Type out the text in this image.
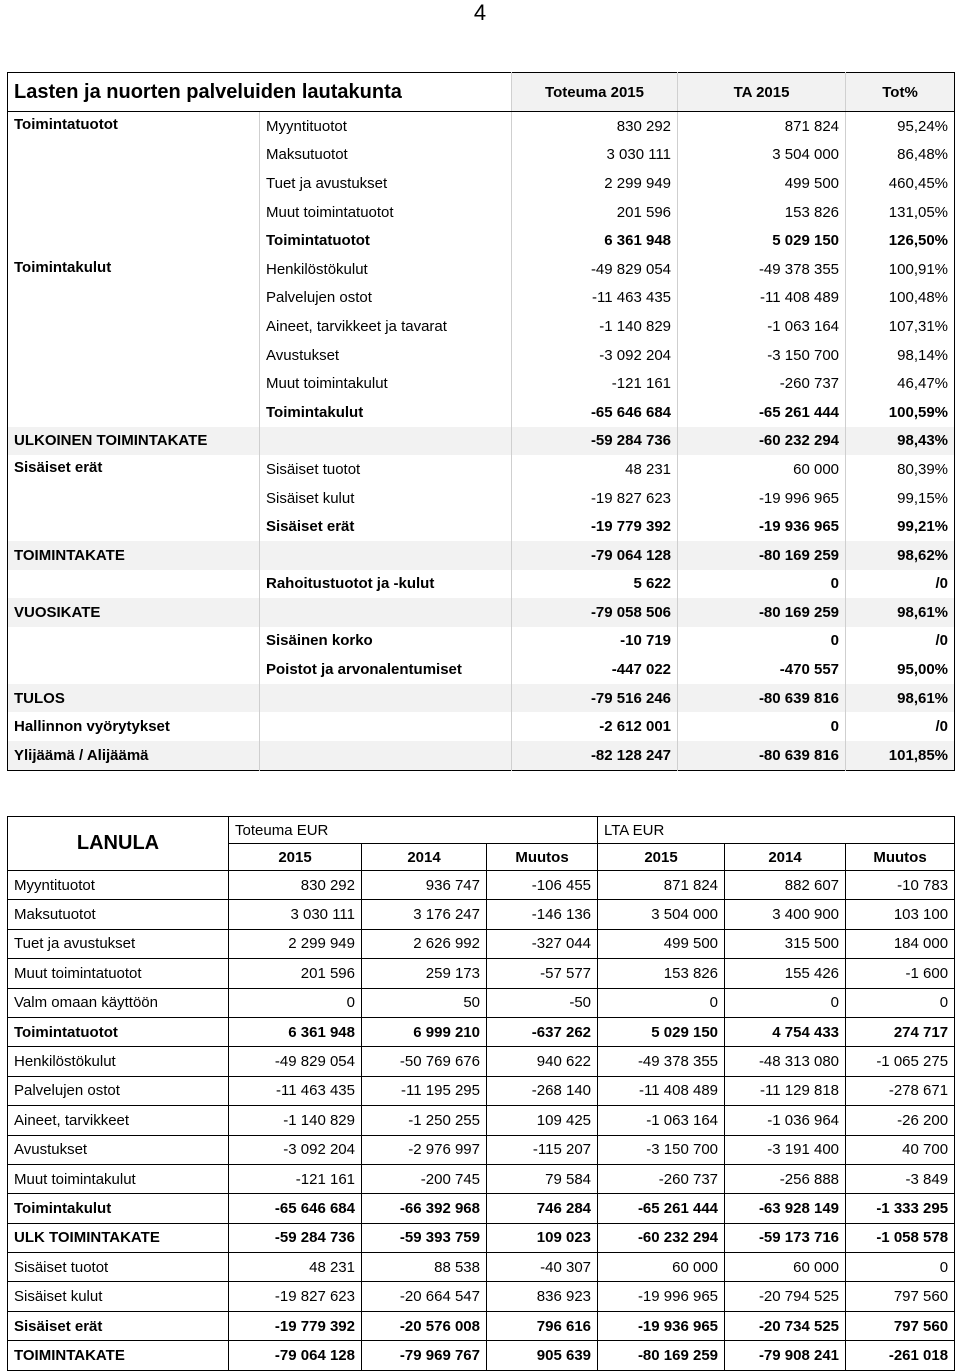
4
Lasten ja nuorten palveluiden lautakunta		Toteuma 2015	TA 2015	Tot%
Toimintatuotot	Myyntituotot	830 292	871 824	95,24%
	Maksutuotot	3 030 111	3 504 000	86,48%
	Tuet ja avustukset	2 299 949	499 500	460,45%
	Muut toimintatuotot	201 596	153 826	131,05%
	Toimintatuotot	6 361 948	5 029 150	126,50%
Toimintakulut	Henkilöstökulut	-49 829 054	-49 378 355	100,91%
	Palvelujen ostot	-11 463 435	-11 408 489	100,48%
	Aineet, tarvikkeet ja tavarat	-1 140 829	-1 063 164	107,31%
	Avustukset	-3 092 204	-3 150 700	98,14%
	Muut toimintakulut	-121 161	-260 737	46,47%
	Toimintakulut	-65 646 684	-65 261 444	100,59%
ULKOINEN TOIMINTAKATE		-59 284 736	-60 232 294	98,43%
Sisäiset erät	Sisäiset tuotot	48 231	60 000	80,39%
	Sisäiset kulut	-19 827 623	-19 996 965	99,15%
	Sisäiset erät	-19 779 392	-19 936 965	99,21%
TOIMINTAKATE		-79 064 128	-80 169 259	98,62%
	Rahoitustuotot ja -kulut	5 622	0	/0
VUOSIKATE		-79 058 506	-80 169 259	98,61%
	Sisäinen korko	-10 719	0	/0
	Poistot ja arvonalentumiset	-447 022	-470 557	95,00%
TULOS		-79 516 246	-80 639 816	98,61%
Hallinnon vyörytykset		-2 612 001	0	/0
Ylijäämä / Alijäämä		-82 128 247	-80 639 816	101,85%
LANULA	Toteuma EUR			LTA EUR		
	2015	2014	Muutos	2015	2014	Muutos
Myyntituotot	830 292	936 747	-106 455	871 824	882 607	-10 783
Maksutuotot	3 030 111	3 176 247	-146 136	3 504 000	3 400 900	103 100
Tuet ja avustukset	2 299 949	2 626 992	-327 044	499 500	315 500	184 000
Muut toimintatuotot	201 596	259 173	-57 577	153 826	155 426	-1 600
Valm omaan käyttöön	0	50	-50	0	0	0
Toimintatuotot	6 361 948	6 999 210	-637 262	5 029 150	4 754 433	274 717
Henkilöstökulut	-49 829 054	-50 769 676	940 622	-49 378 355	-48 313 080	-1 065 275
Palvelujen ostot	-11 463 435	-11 195 295	-268 140	-11 408 489	-11 129 818	-278 671
Aineet, tarvikkeet	-1 140 829	-1 250 255	109 425	-1 063 164	-1 036 964	-26 200
Avustukset	-3 092 204	-2 976 997	-115 207	-3 150 700	-3 191 400	40 700
Muut toimintakulut	-121 161	-200 745	79 584	-260 737	-256 888	-3 849
Toimintakulut	-65 646 684	-66 392 968	746 284	-65 261 444	-63 928 149	-1 333 295
ULK TOIMINTAKATE	-59 284 736	-59 393 759	109 023	-60 232 294	-59 173 716	-1 058 578
Sisäiset tuotot	48 231	88 538	-40 307	60 000	60 000	0
Sisäiset kulut	-19 827 623	-20 664 547	836 923	-19 996 965	-20 794 525	797 560
Sisäiset erät	-19 779 392	-20 576 008	796 616	-19 936 965	-20 734 525	797 560
TOIMINTAKATE	-79 064 128	-79 969 767	905 639	-80 169 259	-79 908 241	-261 018
